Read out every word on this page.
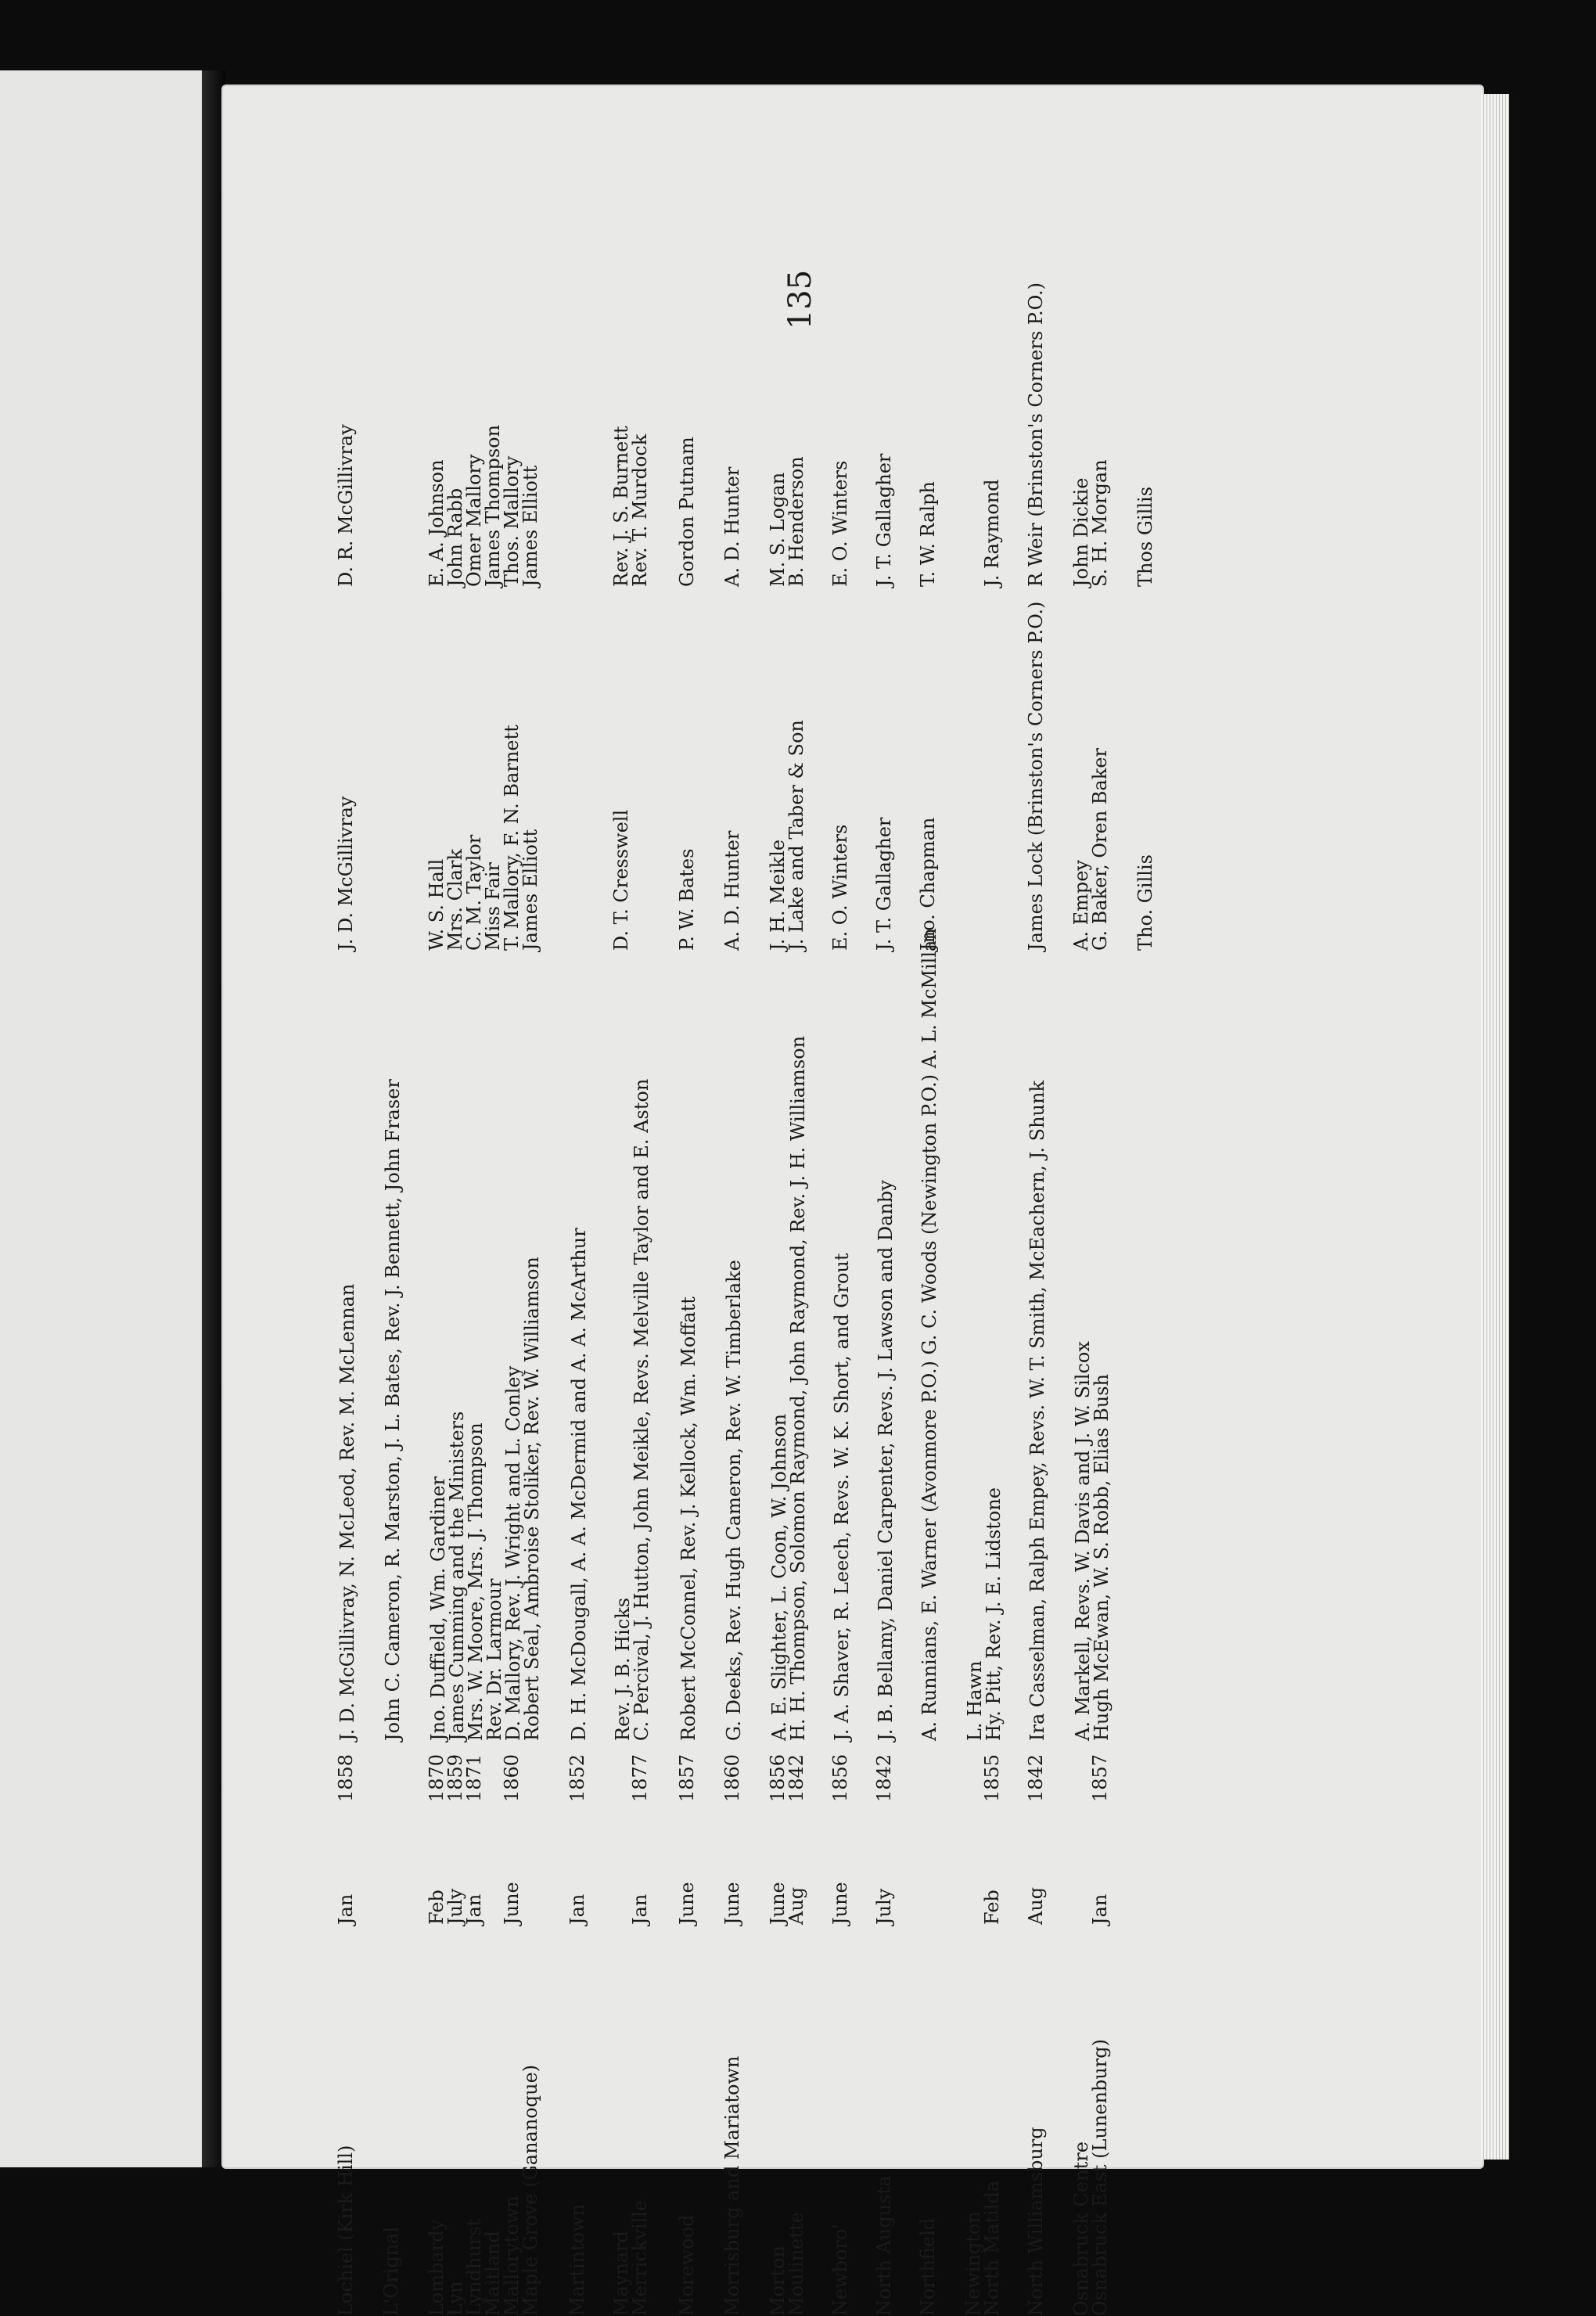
135
Lochiel (Kirk Hill)
Jan
1858
J. D. McGillivray, N. McLeod, Rev. M. McLennan
J. D. McGillivray
D. R. McGillivray
L'Orignal
John C. Cameron, R. Marston, J. L. Bates, Rev. J. Bennett, John Fraser
Lombardy
Feb
1870
Jno. Duffield, Wm. Gardiner
W. S. Hall
E. A. Johnson
Lyn
July
1859
James Cumming and the Ministers
Mrs. Clark
John Rabb
Lyndhurst
Jan
1871
Mrs. W. Moore, Mrs. J. Thompson
C. M. Taylor
Omer Mallory
Maitland
Rev. Dr. Larmour
Miss Fair
James Thompson
Mallorytown
June
1860
D. Mallory, Rev. J. Wright and L. Conley
T. Mallory, F. N. Barnett
Thos. Mallory
Maple Grove (Gananoque)
Robert Seal, Ambroise Stoliker, Rev. W. Williamson
James Elliott
James Elliott
Martintown
Jan
1852
D. H. McDougall, A. A. McDermid and A. A. McArthur
Maynard
Rev. J. B. Hicks
D. T. Cresswell
Rev. J. S. Burnett
Merrickville
Jan
1877
C. Percival, J. Hutton, John Meikle, Revs. Melville Taylor and E. Aston
Rev. T. Murdock
Morewood
June
1857
Robert McConnel, Rev. J. Kellock, Wm. Moffatt
P. W. Bates
Gordon Putnam
Morrisburg and Mariatown
June
1860
G. Deeks, Rev. Hugh Cameron, Rev. W. Timberlake
A. D. Hunter
A. D. Hunter
Morton
June
1856
A. E. Slighter, L. Coon, W. Johnson
J. H. Meikle
M. S. Logan
Moulinette
Aug
1842
H. H. Thompson, Solomon Raymond, John Raymond, Rev. J. H. Williamson
J. Lake and Taber & Son
B. Henderson
Newboro'
June
1856
J. A. Shaver, R. Leech, Revs. W. K. Short, and Grout
E. O. Winters
E. O. Winters
North Augusta
July
1842
J. B. Bellamy, Daniel Carpenter, Revs. J. Lawson and Danby
J. T. Gallagher
J. T. Gallagher
Northfield
A. Runnians, E. Warner (Avonmore P.O.) G. C. Woods (Newington P.O.) A. L. McMillan
Jno. Chapman
T. W. Ralph
Newington
L. Hawn
North Matilda
Feb
1855
Hy. Pitt, Rev. J. E. Lidstone
J. Raymond
North Williamsburg
Aug
1842
Ira Casselman, Ralph Empey, Revs. W. T. Smith, McEachern, J. Shunk
James Lock (Brinston's Corners P.O.)
R Weir (Brinston's Corners P.O.)
Osnabruck Centre
A. Markell, Revs. W. Davis and J. W. Silcox
A. Empey
John Dickie
Osnabruck East (Lunenburg)
Jan
1857
Hugh McEwan, W. S. Robb, Elias Bush
G. Baker, Oren Baker
S. H. Morgan
Tho. Gillis
Thos Gillis
